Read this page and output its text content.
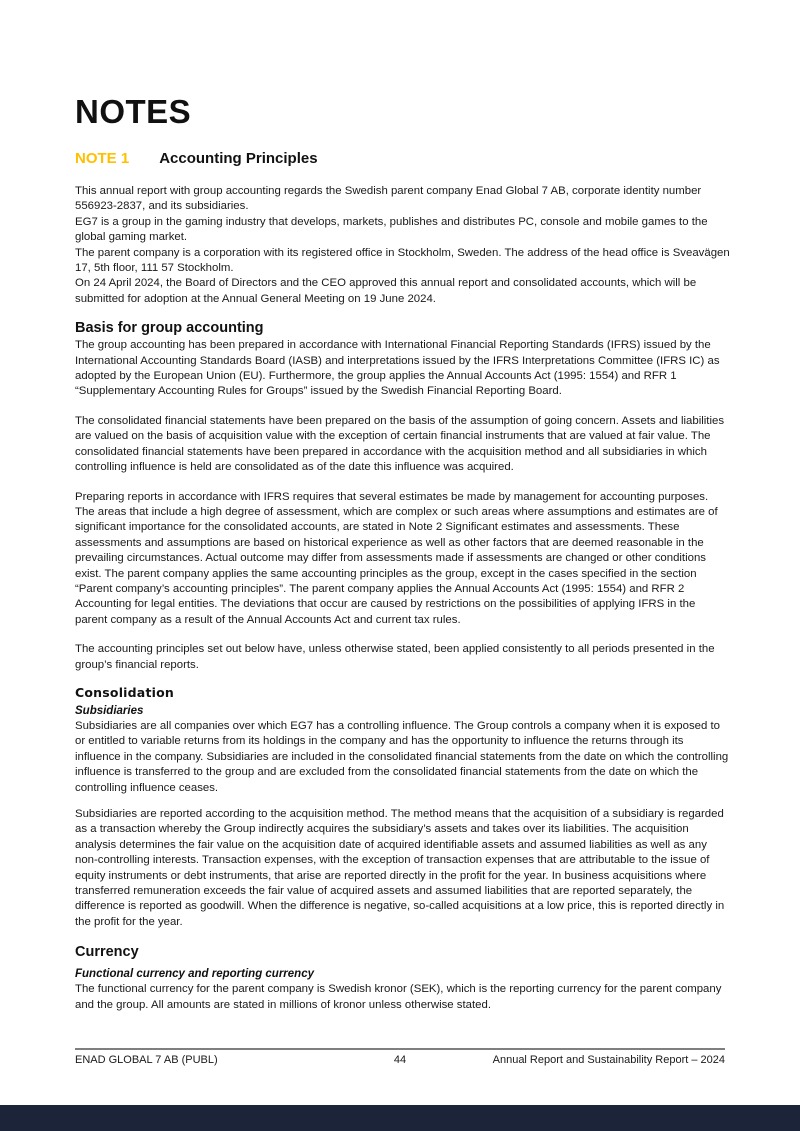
NOTES
NOTE 1 Accounting Principles

This annual report with group accounting regards the Swedish parent company Enad Global 7 AB, corporate identity number 556923-2837, and its subsidiaries.

EG7 is a group in the gaming industry that develops, markets, publishes and distributes PC, console and mobile games to the global gaming market.

The parent company is a corporation with its registered office in Stockholm, Sweden. The address of the head office is Sveavägen 17, 5th floor, 111 57 Stockholm.

On 24 April 2024, the Board of Directors and the CEO approved this annual report and consolidated accounts, which will be submitted for adoption at the Annual General Meeting on 19 June 2024.

Basis for group accounting

The group accounting has been prepared in accordance with International Financial Reporting Standards (IFRS) issued by the International Accounting Standards Board (IASB) and interpretations issued by the IFRS Interpretations Committee (IFRS IC) as adopted by the European Union (EU). Furthermore, the group applies the Annual Accounts Act (1995: 1554) and RFR 1 “Supplementary Accounting Rules for Groups” issued by the Swedish Financial Reporting Board.

The consolidated financial statements have been prepared on the basis of the assumption of going concern. Assets and liabilities are valued on the basis of acquisition value with the exception of certain financial instruments that are valued at fair value. The consolidated financial statements have been prepared in accordance with the acquisition method and all subsidiaries in which controlling influence is held are consolidated as of the date this influence was acquired.

Preparing reports in accordance with IFRS requires that several estimates be made by management for accounting purposes. The areas that include a high degree of assessment, which are complex or such areas where assumptions and estimates are of significant importance for the consolidated accounts, are stated in Note 2 Significant estimates and assessments. These assessments and assumptions are based on historical experience as well as other factors that are deemed reasonable in the prevailing circumstances. Actual outcome may differ from assessments made if assessments are changed or other conditions exist. The parent company applies the same accounting principles as the group, except in the cases specified in the section “Parent company’s accounting principles”. The parent company applies the Annual Accounts Act (1995: 1554) and RFR 2 Accounting for legal entities. The deviations that occur are caused by restrictions on the possibilities of applying IFRS in the parent company as a result of the Annual Accounts Act and current tax rules.

The accounting principles set out below have, unless otherwise stated, been applied consistently to all periods presented in the group’s financial reports.

Consolidation
Subsidiaries

Subsidiaries are all companies over which EG7 has a controlling influence. The Group controls a company when it is exposed to or entitled to variable returns from its holdings in the company and has the opportunity to influence the returns through its influence in the company. Subsidiaries are included in the consolidated financial statements from the date on which the controlling influence is transferred to the group and are excluded from the consolidated financial statements from the date on which the controlling influence ceases.

Subsidiaries are reported according to the acquisition method. The method means that the acquisition of a subsidiary is regarded as a transaction whereby the Group indirectly acquires the subsidiary’s assets and takes over its liabilities. The acquisition analysis determines the fair value on the acquisition date of acquired identifiable assets and assumed liabilities as well as any non-controlling interests. Transaction expenses, with the exception of transaction expenses that are attributable to the issue of equity instruments or debt instruments, that arise are reported directly in the profit for the year. In business acquisitions where transferred remuneration exceeds the fair value of acquired assets and assumed liabilities that are reported separately, the difference is reported as goodwill. When the difference is negative, so-called acquisitions at a low price, this is reported directly in the profit for the year.

Currency
Functional currency and reporting currency

The functional currency for the parent company is Swedish kronor (SEK), which is the reporting currency for the parent company and the group. All amounts are stated in millions of kronor unless otherwise stated.

ENAD GLOBAL 7 AB (PUBL)	44	Annual Report and Sustainability Report – 2024
